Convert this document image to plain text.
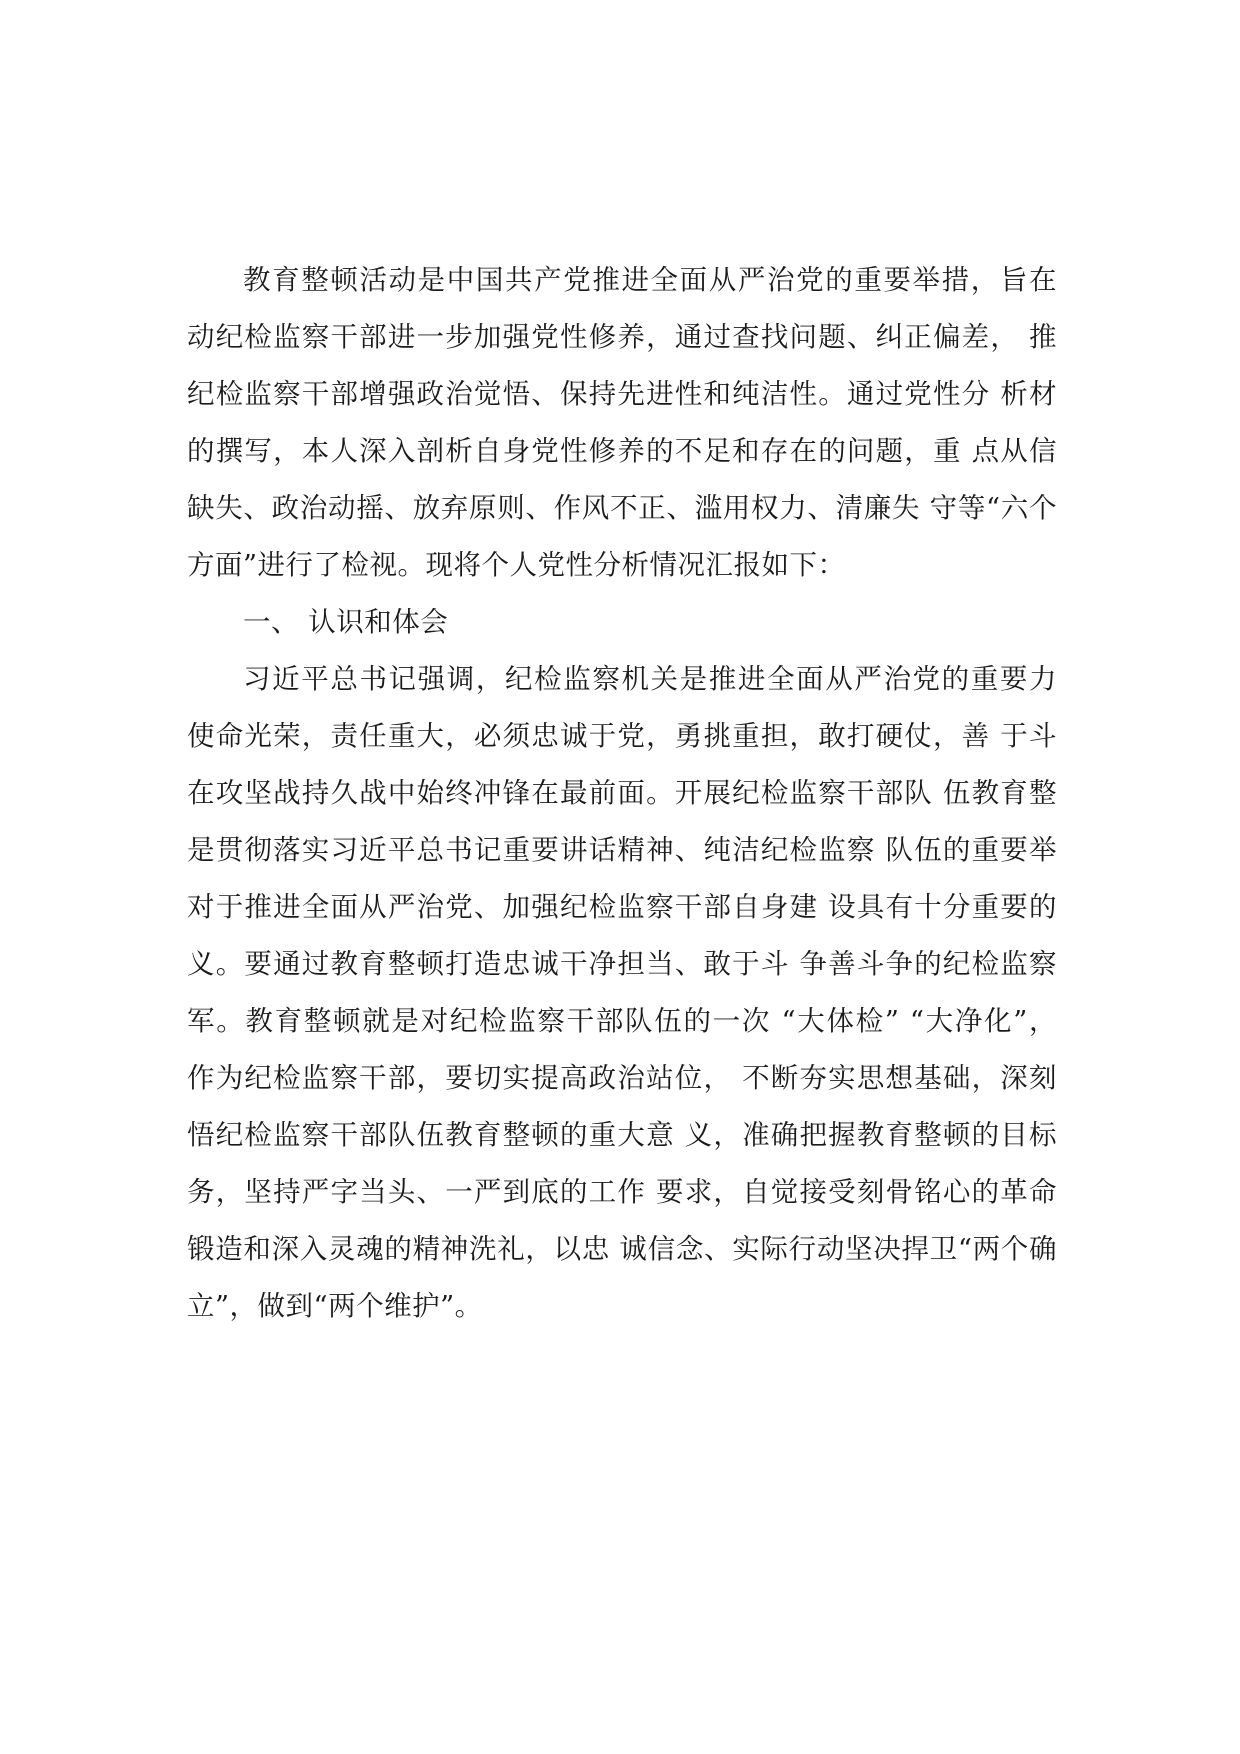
教育整顿活动是中国共产党推进全面从严治党的重要举措，旨在
动纪检监察干部进一步加强党性修养，通过查找问题、纠正偏差， 推
纪检监察干部增强政治觉悟、保持先进性和纯洁性。通过党性分 析材
的撰写，本人深入剖析自身党性修养的不足和存在的问题，重 点从信
缺失、政治动摇、放弃原则、作风不正、滥用权力、清廉失 守等“六个
方面”进行了检视。现将个人党性分析情况汇报如下：
一、 认识和体会
习近平总书记强调，纪检监察机关是推进全面从严治党的重要力
使命光荣，责任重大，必须忠诚于党，勇挑重担，敢打硬仗，善 于斗
在攻坚战持久战中始终冲锋在最前面。开展纪检监察干部队 伍教育整
是贯彻落实习近平总书记重要讲话精神、纯洁纪检监察 队伍的重要举
对于推进全面从严治党、加强纪检监察干部自身建 设具有十分重要的
义。要通过教育整顿打造忠诚干净担当、敢于斗 争善斗争的纪检监察
军。教育整顿就是对纪检监察干部队伍的一次 “大体检” “大净化”，
作为纪检监察干部，要切实提高政治站位， 不断夯实思想基础，深刻
悟纪检监察干部队伍教育整顿的重大意 义，准确把握教育整顿的目标
务，坚持严字当头、一严到底的工作 要求，自觉接受刻骨铭心的革命
锻造和深入灵魂的精神洗礼，以忠 诚信念、实际行动坚决捍卫“两个确
立”，做到“两个维护”。
